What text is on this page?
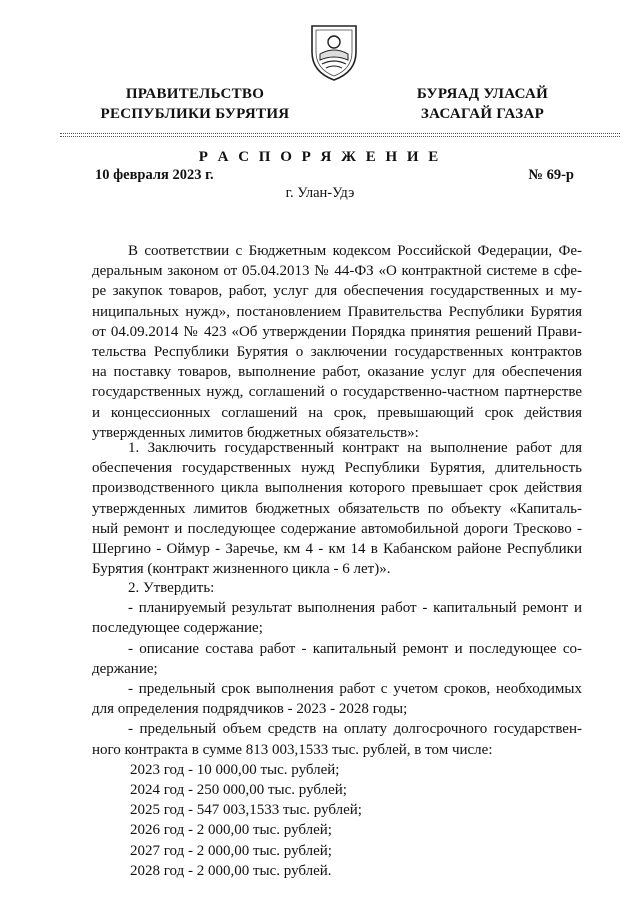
ПРАВИТЕЛЬСТВО
РЕСПУБЛИКИ БУРЯТИЯ
БУРЯАД УЛАСАЙ
ЗАСАГАЙ ГАЗАР
Р А С П О Р Я Ж Е Н И Е
10 февраля 2023 г.	№ 69-р
г. Улан-Удэ
В соответствии с Бюджетным кодексом Российской Федерации, Фе-
деральным законом от 05.04.2013 № 44-ФЗ «О контрактной системе в сфе-
ре закупок товаров, работ, услуг для обеспечения государственных и му-
ниципальных нужд», постановлением Правительства Республики Бурятия
от 04.09.2014 № 423 «Об утверждении Порядка принятия решений Прави-
тельства Республики Бурятия о заключении государственных контрактов
на поставку товаров, выполнение работ, оказание услуг для обеспечения
государственных нужд, соглашений о государственно-частном партнерстве
и концессионных соглашений на срок, превышающий срок действия
утвержденных лимитов бюджетных обязательств»:
1. Заключить государственный контракт на выполнение работ для
обеспечения государственных нужд Республики Бурятия, длительность
производственного цикла выполнения которого превышает срок действия
утвержденных лимитов бюджетных обязательств по объекту «Капиталь-
ный ремонт и последующее содержание автомобильной дороги Тресково -
Шергино - Оймур - Заречье, км 4 - км 14 в Кабанском районе Республики
Бурятия (контракт жизненного цикла - 6 лет)».
2. Утвердить:
- планируемый результат выполнения работ - капитальный ремонт и
последующее содержание;
- описание состава работ - капитальный ремонт и последующее со-
держание;
- предельный срок выполнения работ с учетом сроков, необходимых
для определения подрядчиков - 2023 - 2028 годы;
- предельный объем средств на оплату долгосрочного государствен-
ного контракта в сумме 813 003,1533 тыс. рублей, в том числе:
2023 год - 10 000,00 тыс. рублей;
2024 год - 250 000,00 тыс. рублей;
2025 год - 547 003,1533 тыс. рублей;
2026 год - 2 000,00 тыс. рублей;
2027 год - 2 000,00 тыс. рублей;
2028 год - 2 000,00 тыс. рублей.
